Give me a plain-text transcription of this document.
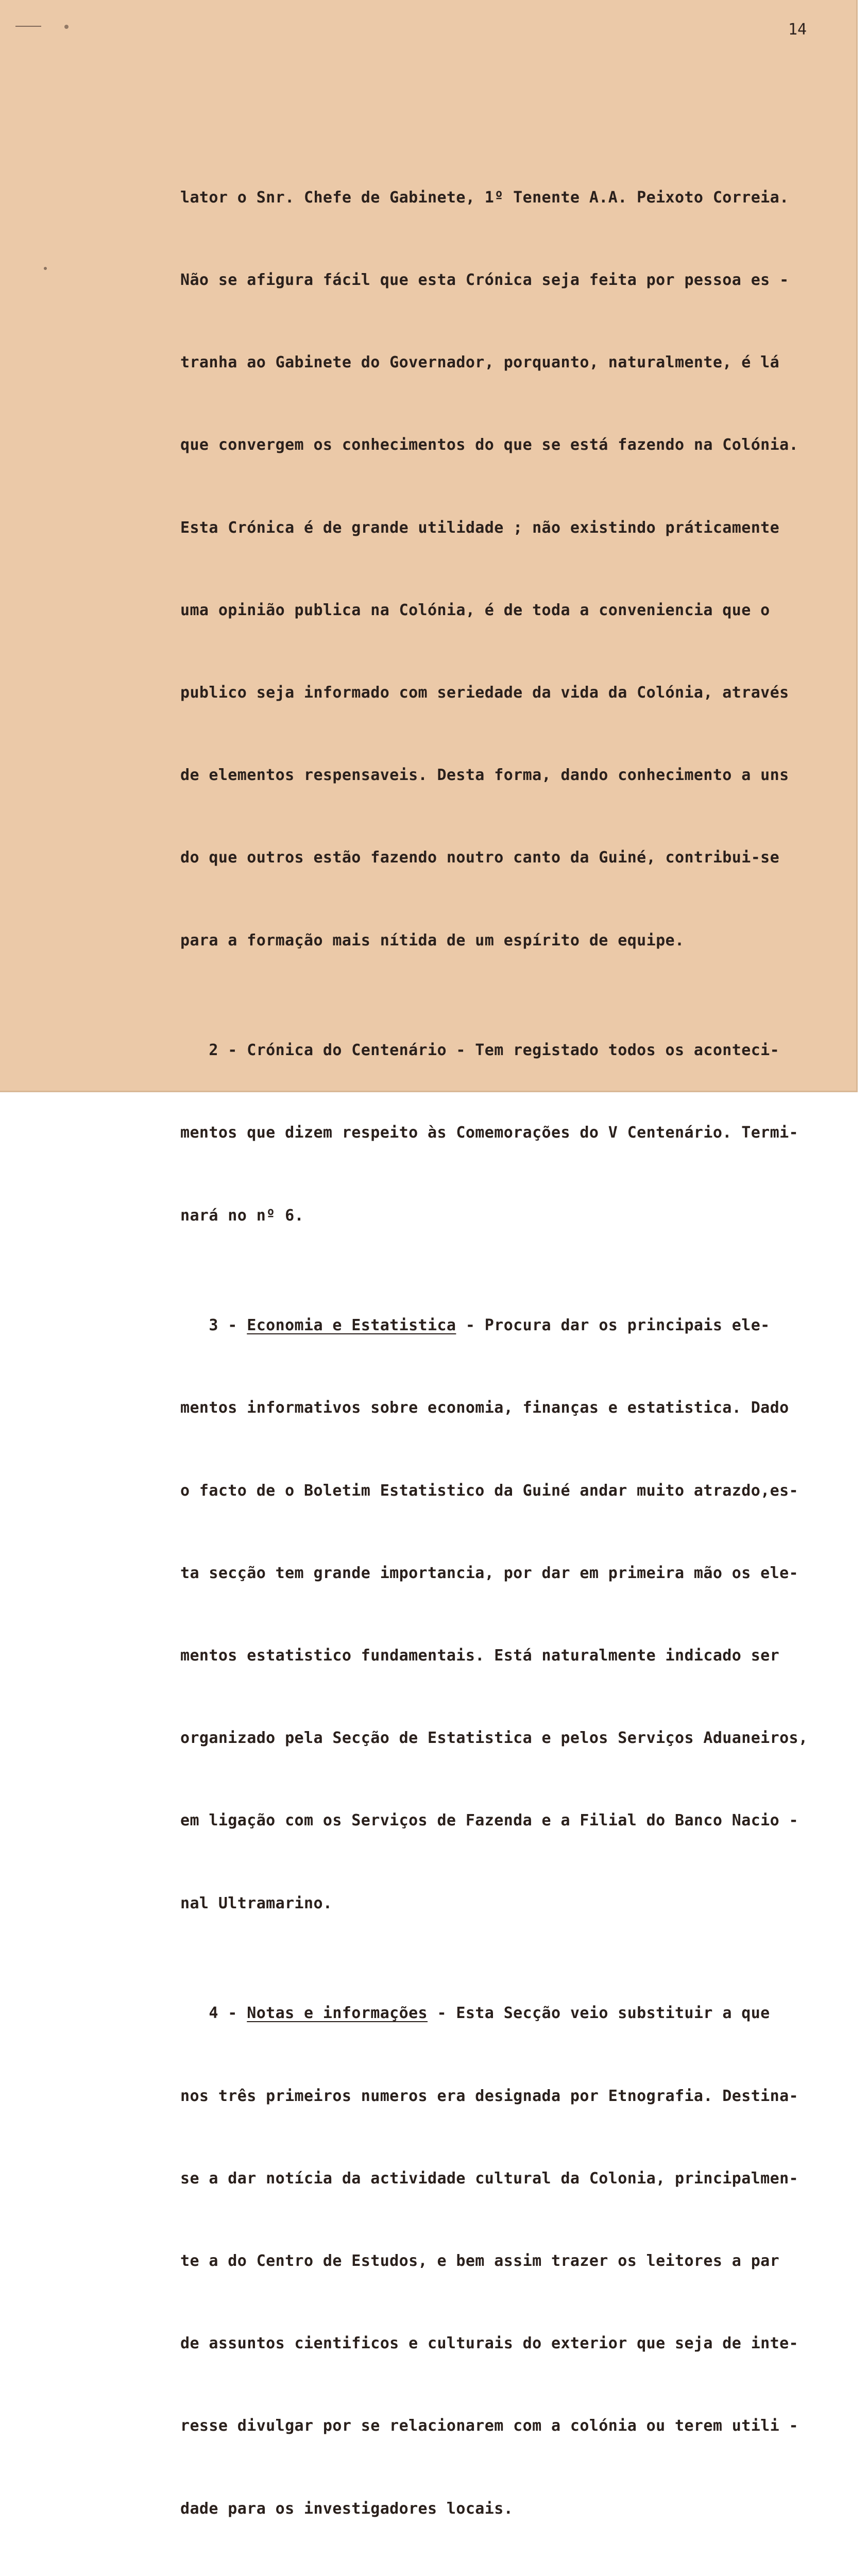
14

lator o Snr. Chefe de Gabinete, 1º Tenente A.A. Peixoto Correia.

Não se afigura fácil que esta Crónica seja feita por pessoa es -

tranha ao Gabinete do Governador, porquanto, naturalmente, é lá

que convergem os conhecimentos do que se está fazendo na Colónia.

Esta Crónica é de grande utilidade ; não existindo práticamente

uma opinião publica na Colónia, é de toda a conveniencia que o

publico seja informado com seriedade da vida da Colónia, através

de elementos respensaveis. Desta forma, dando conhecimento a uns

do que outros estão fazendo noutro canto da Guiné, contribui-se

para a formação mais nítida de um espírito de equipe.

2 - Crónica do Centenário - Tem registado todos os aconteci-

mentos que dizem respeito às Comemorações do V Centenário. Termi-

nará no nº 6.

3 - Economia e Estatistica - Procura dar os principais ele-

mentos informativos sobre economia, finanças e estatistica. Dado

o facto de o Boletim Estatistico da Guiné andar muito atrazdo,es-

ta secção tem grande importancia, por dar em primeira mão os ele-

mentos estatistico fundamentais. Está naturalmente indicado ser

organizado pela Secção de Estatistica e pelos Serviços Aduaneiros,

em ligação com os Serviços de Fazenda e a Filial do Banco Nacio -

nal Ultramarino.

4 - Notas e informações - Esta Secção veio substituir a que

nos três primeiros numeros era designada por Etnografia. Destina-

se a dar notícia da actividade cultural da Colonia, principalmen-

te a do Centro de Estudos, e bem assim trazer os leitores a par

de assuntos cientificos e culturais do exterior que seja de inte-

resse divulgar por se relacionarem com a colónia ou terem utili -

dade para os investigadores locais.
